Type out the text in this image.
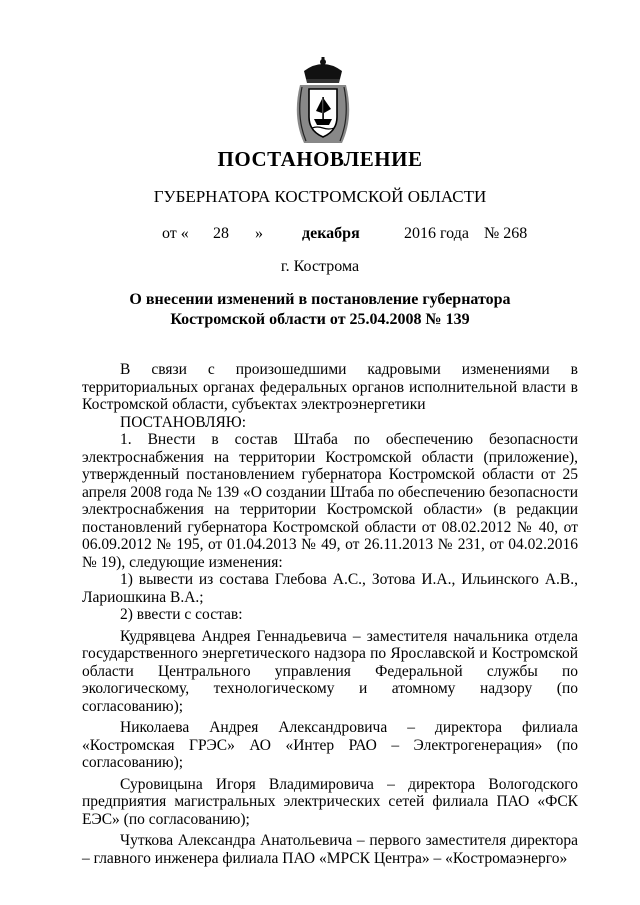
ПОСТАНОВЛЕНИЕ
ГУБЕРНАТОРА КОСТРОМСКОЙ ОБЛАСТИ
от « 28 » декабря	2016 года № 268
г. Кострома
О внесении изменений в постановление губернатора
Костромской области от 25.04.2008 № 139

В связи с произошедшими кадровыми изменениями в территориальных органах федеральных органов исполнительной власти в Костромской области, субъектах электроэнергетики

ПОСТАНОВЛЯЮ:

1. Внести в состав Штаба по обеспечению безопасности электроснабжения на территории Костромской области (приложение), утвержденный постановлением губернатора Костромской области от 25 апреля 2008 года № 139 «О создании Штаба по обеспечению безопасности электроснабжения на территории Костромской области» (в редакции постановлений губернатора Костромской области от 08.02.2012 № 40, от 06.09.2012 № 195, от 01.04.2013 № 49, от 26.11.2013 № 231, от 04.02.2016 № 19), следующие изменения:

1) вывести из состава Глебова А.С., Зотова И.А., Ильинского А.В., Лариошкина В.А.;

2) ввести с состав:

Кудрявцева Андрея Геннадьевича – заместителя начальника отдела государственного энергетического надзора по Ярославской и Костромской области Центрального управления Федеральной службы по экологическому, технологическому и атомному надзору (по согласованию);

Николаева Андрея Александровича – директора филиала «Костромская ГРЭС» АО «Интер РАО – Электрогенерация» (по согласованию);

Суровицына Игоря Владимировича – директора Вологодского предприятия магистральных электрических сетей филиала ПАО «ФСК ЕЭС» (по согласованию);

Чуткова Александра Анатольевича – первого заместителя директора – главного инженера филиала ПАО «МРСК Центра» – «Костромаэнерго»
